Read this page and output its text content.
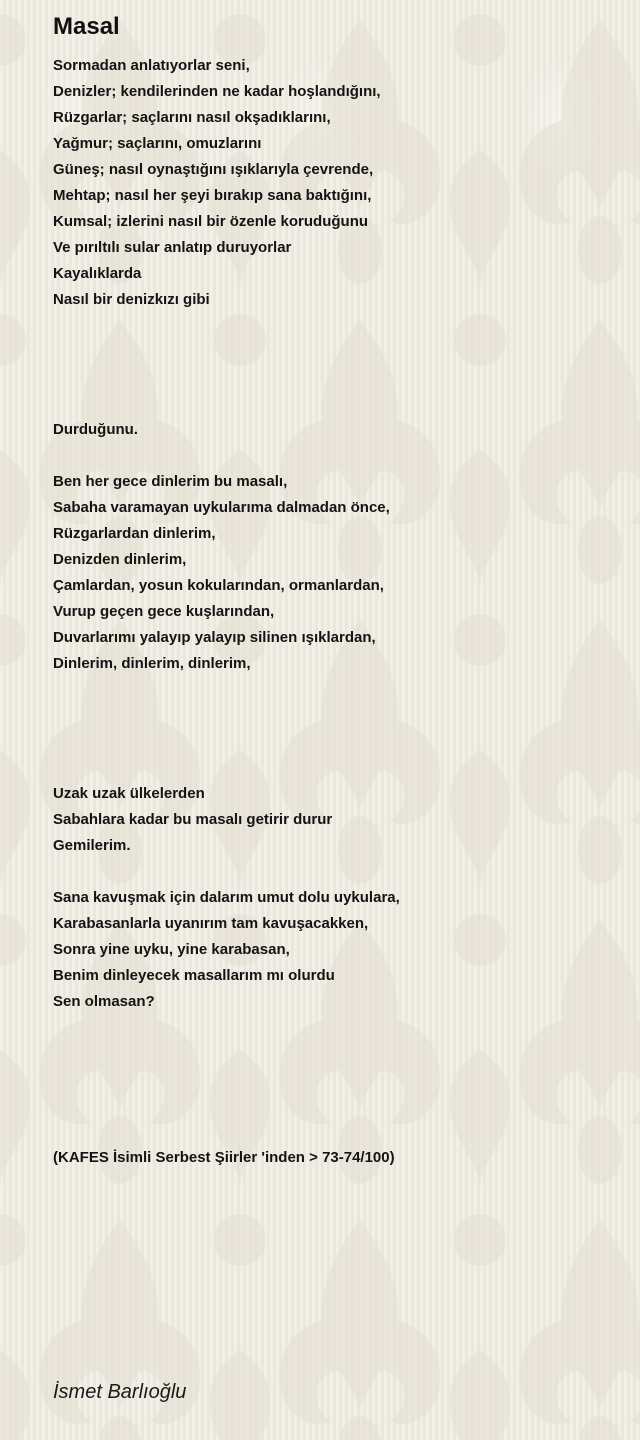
Masal
Sormadan anlatıyorlar seni,
Denizler; kendilerinden ne kadar hoşlandığını,
Rüzgarlar; saçlarını nasıl okşadıklarını,
Yağmur; saçlarını, omuzlarını
Güneş; nasıl oynaştığını ışıklarıyla çevrende,
Mehtap; nasıl her şeyi bırakıp sana baktığını,
Kumsal; izlerini nasıl bir özenle koruduğunu
Ve pırıltılı sular anlatıp duruyorlar
Kayalıklarda
Nasıl bir denizkızı gibi

Durduğunu.

Ben her gece dinlerim bu masalı,
Sabaha varamayan uykularıma dalmadan önce,
Rüzgarlardan dinlerim,
Denizden dinlerim,
Çamlardan, yosun kokularından, ormanlardan,
Vurup geçen gece kuşlarından,
Duvarlarımı yalayıp yalayıp silinen ışıklardan,
Dinlerim, dinlerim, dinlerim,

Uzak uzak ülkelerden
Sabahlara kadar bu masalı getirir durur
Gemilerim.

Sana kavuşmak için dalarım umut dolu uykulara,
Karabasanlarla uyanırım tam kavuşacakken,
Sonra yine uyku, yine karabasan,
Benim dinleyecek masallarım mı olurdu
Sen olmasan?

(KAFES İsimli Serbest Şiirler 'inden > 73-74/100)
İsmet Barlıoğlu
